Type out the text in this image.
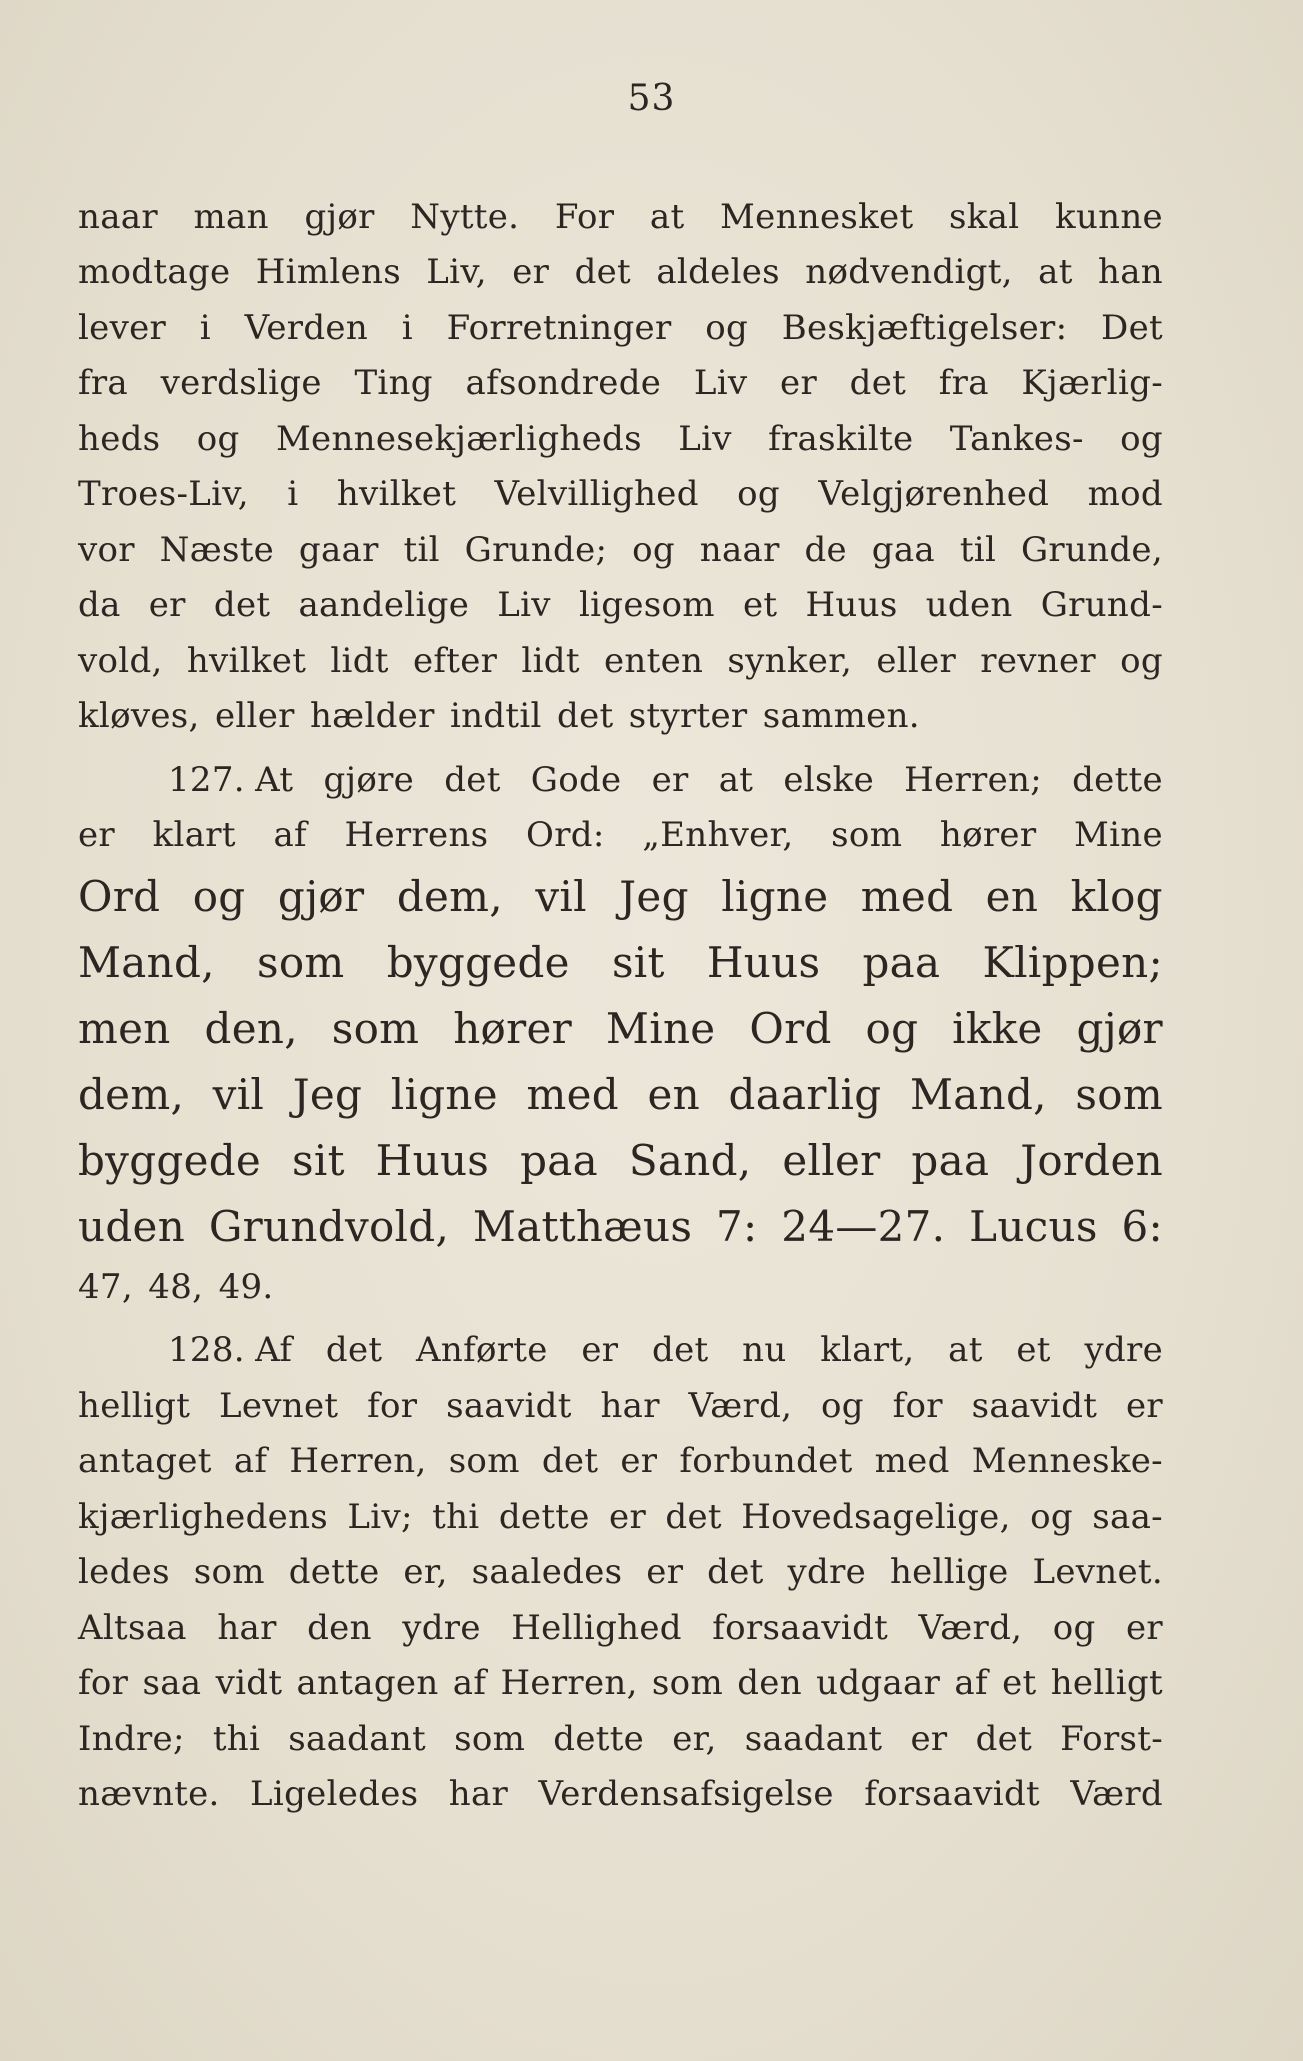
53
naar man gjør Nytte. For at Mennesket skal kunne
modtage Himlens Liv, er det aldeles nødvendigt, at han
lever i Verden i Forretninger og Beskjæftigelser: Det
fra verdslige Ting afsondrede Liv er det fra Kjærlig-
heds og Mennesekjærligheds Liv fraskilte Tankes- og
Troes-Liv, i hvilket Velvillighed og Velgjørenhed mod
vor Næste gaar til Grunde; og naar de gaa til Grunde,
da er det aandelige Liv ligesom et Huus uden Grund-
vold, hvilket lidt efter lidt enten synker, eller revner og
kløves, eller hælder indtil det styrter sammen.
127. At gjøre det Gode er at elske Herren; dette
er klart af Herrens Ord: „Enhver, som hører Mine
Ord og gjør dem, vil Jeg ligne med en klog
Mand, som byggede sit Huus paa Klippen;
men den, som hører Mine Ord og ikke gjør
dem, vil Jeg ligne med en daarlig Mand, som
byggede sit Huus paa Sand, eller paa Jorden
uden Grundvold, Matthæus 7: 24—27. Lucus 6:
47, 48, 49.
128. Af det Anførte er det nu klart, at et ydre
helligt Levnet for saavidt har Værd, og for saavidt er
antaget af Herren, som det er forbundet med Menneske-
kjærlighedens Liv; thi dette er det Hovedsagelige, og saa-
ledes som dette er, saaledes er det ydre hellige Levnet.
Altsaa har den ydre Hellighed forsaavidt Værd, og er
for saa vidt antagen af Herren, som den udgaar af et helligt
Indre; thi saadant som dette er, saadant er det Forst-
nævnte. Ligeledes har Verdensafsigelse forsaavidt Værd
